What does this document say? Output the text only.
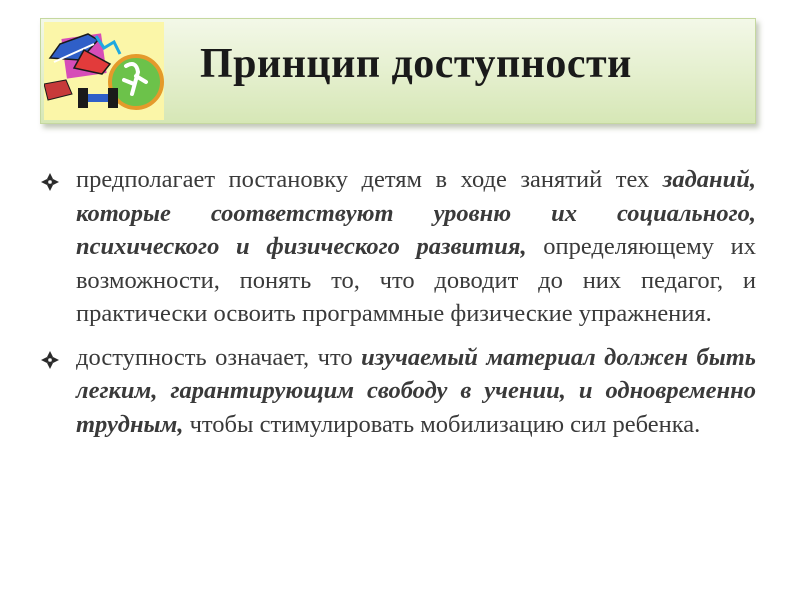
Принцип доступности
предполагает постановку детям в ходе занятий тех заданий, которые соответствуют уровню их социального, психического и физического развития, определяющему их возможности, понять то, что доводит до них педагог, и практически освоить программные физические упражнения.
доступность означает, что изучаемый материал должен быть легким, гарантирующим свободу в учении, и одновременно трудным, чтобы стимулировать мобилизацию сил ребенка.
